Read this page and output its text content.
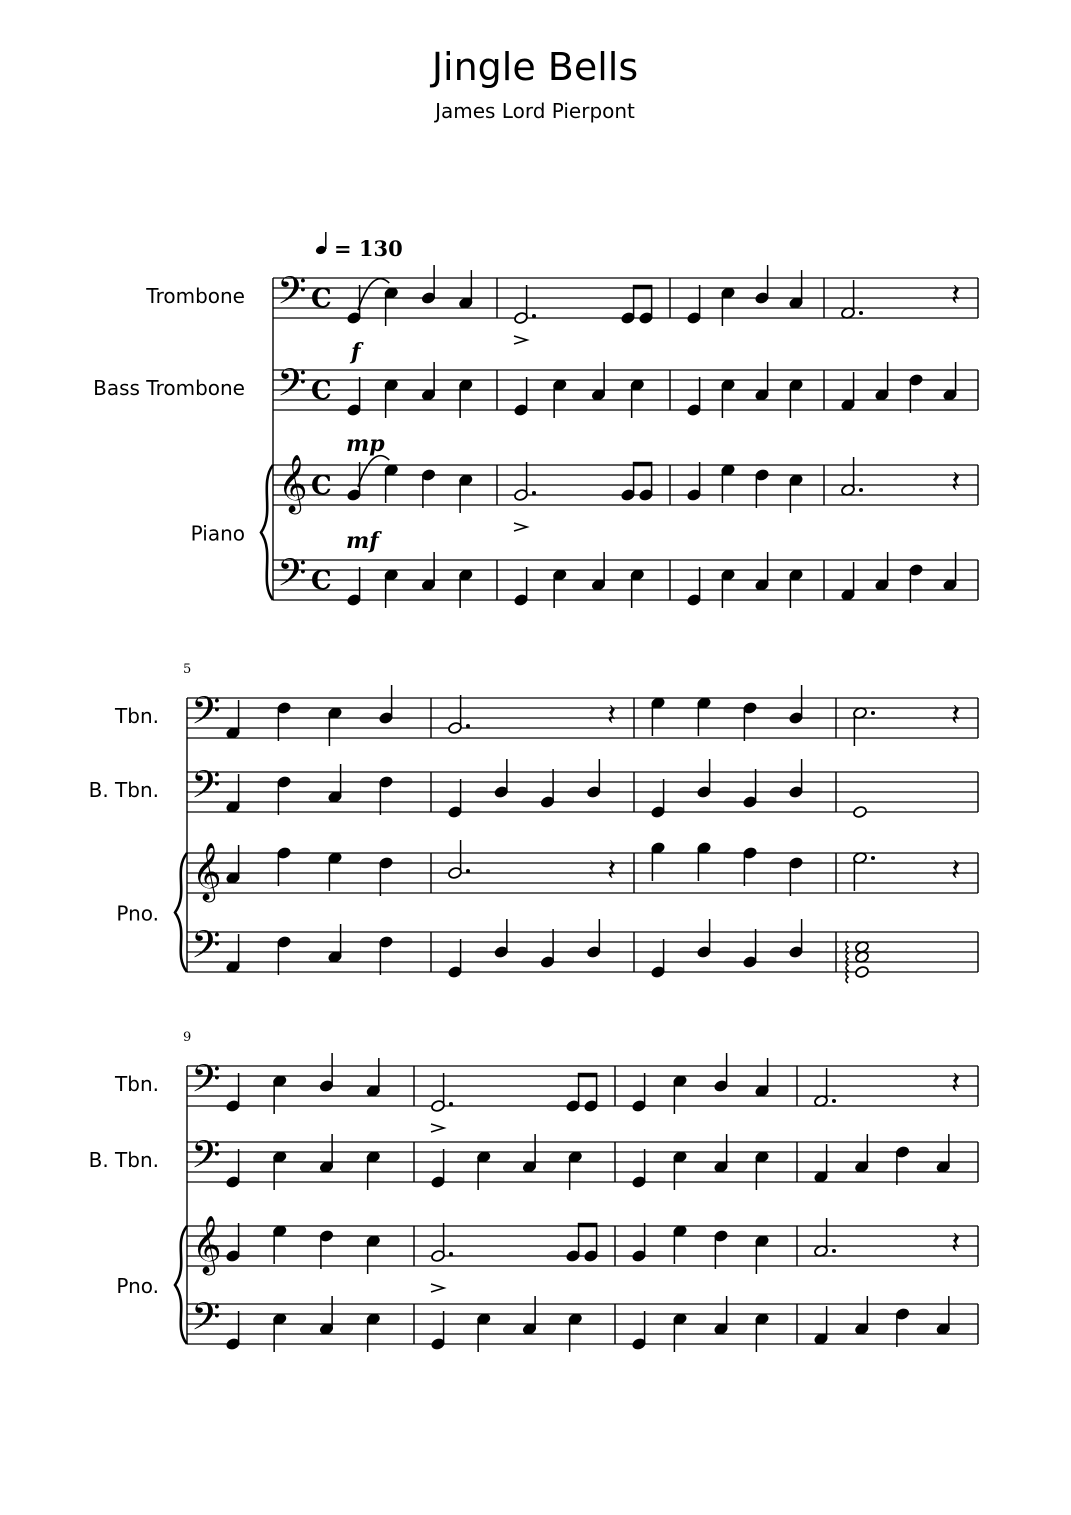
Jingle Bells
James Lord Pierpont
= 130
Trombone
Bass Trombone
Piano
𝄢 C	𝄽
𝄢 C
𝄞 C	𝄽
𝄢 C
f
mp
mf
5
Tbn.
B. Tbn.
Pno.
𝄢	𝄽	𝄽
𝄢
𝄞	𝄽	𝄽
𝄢
9
Tbn.
B. Tbn.
Pno.
𝄢	𝄽
𝄢
𝄞	𝄽
𝄢
